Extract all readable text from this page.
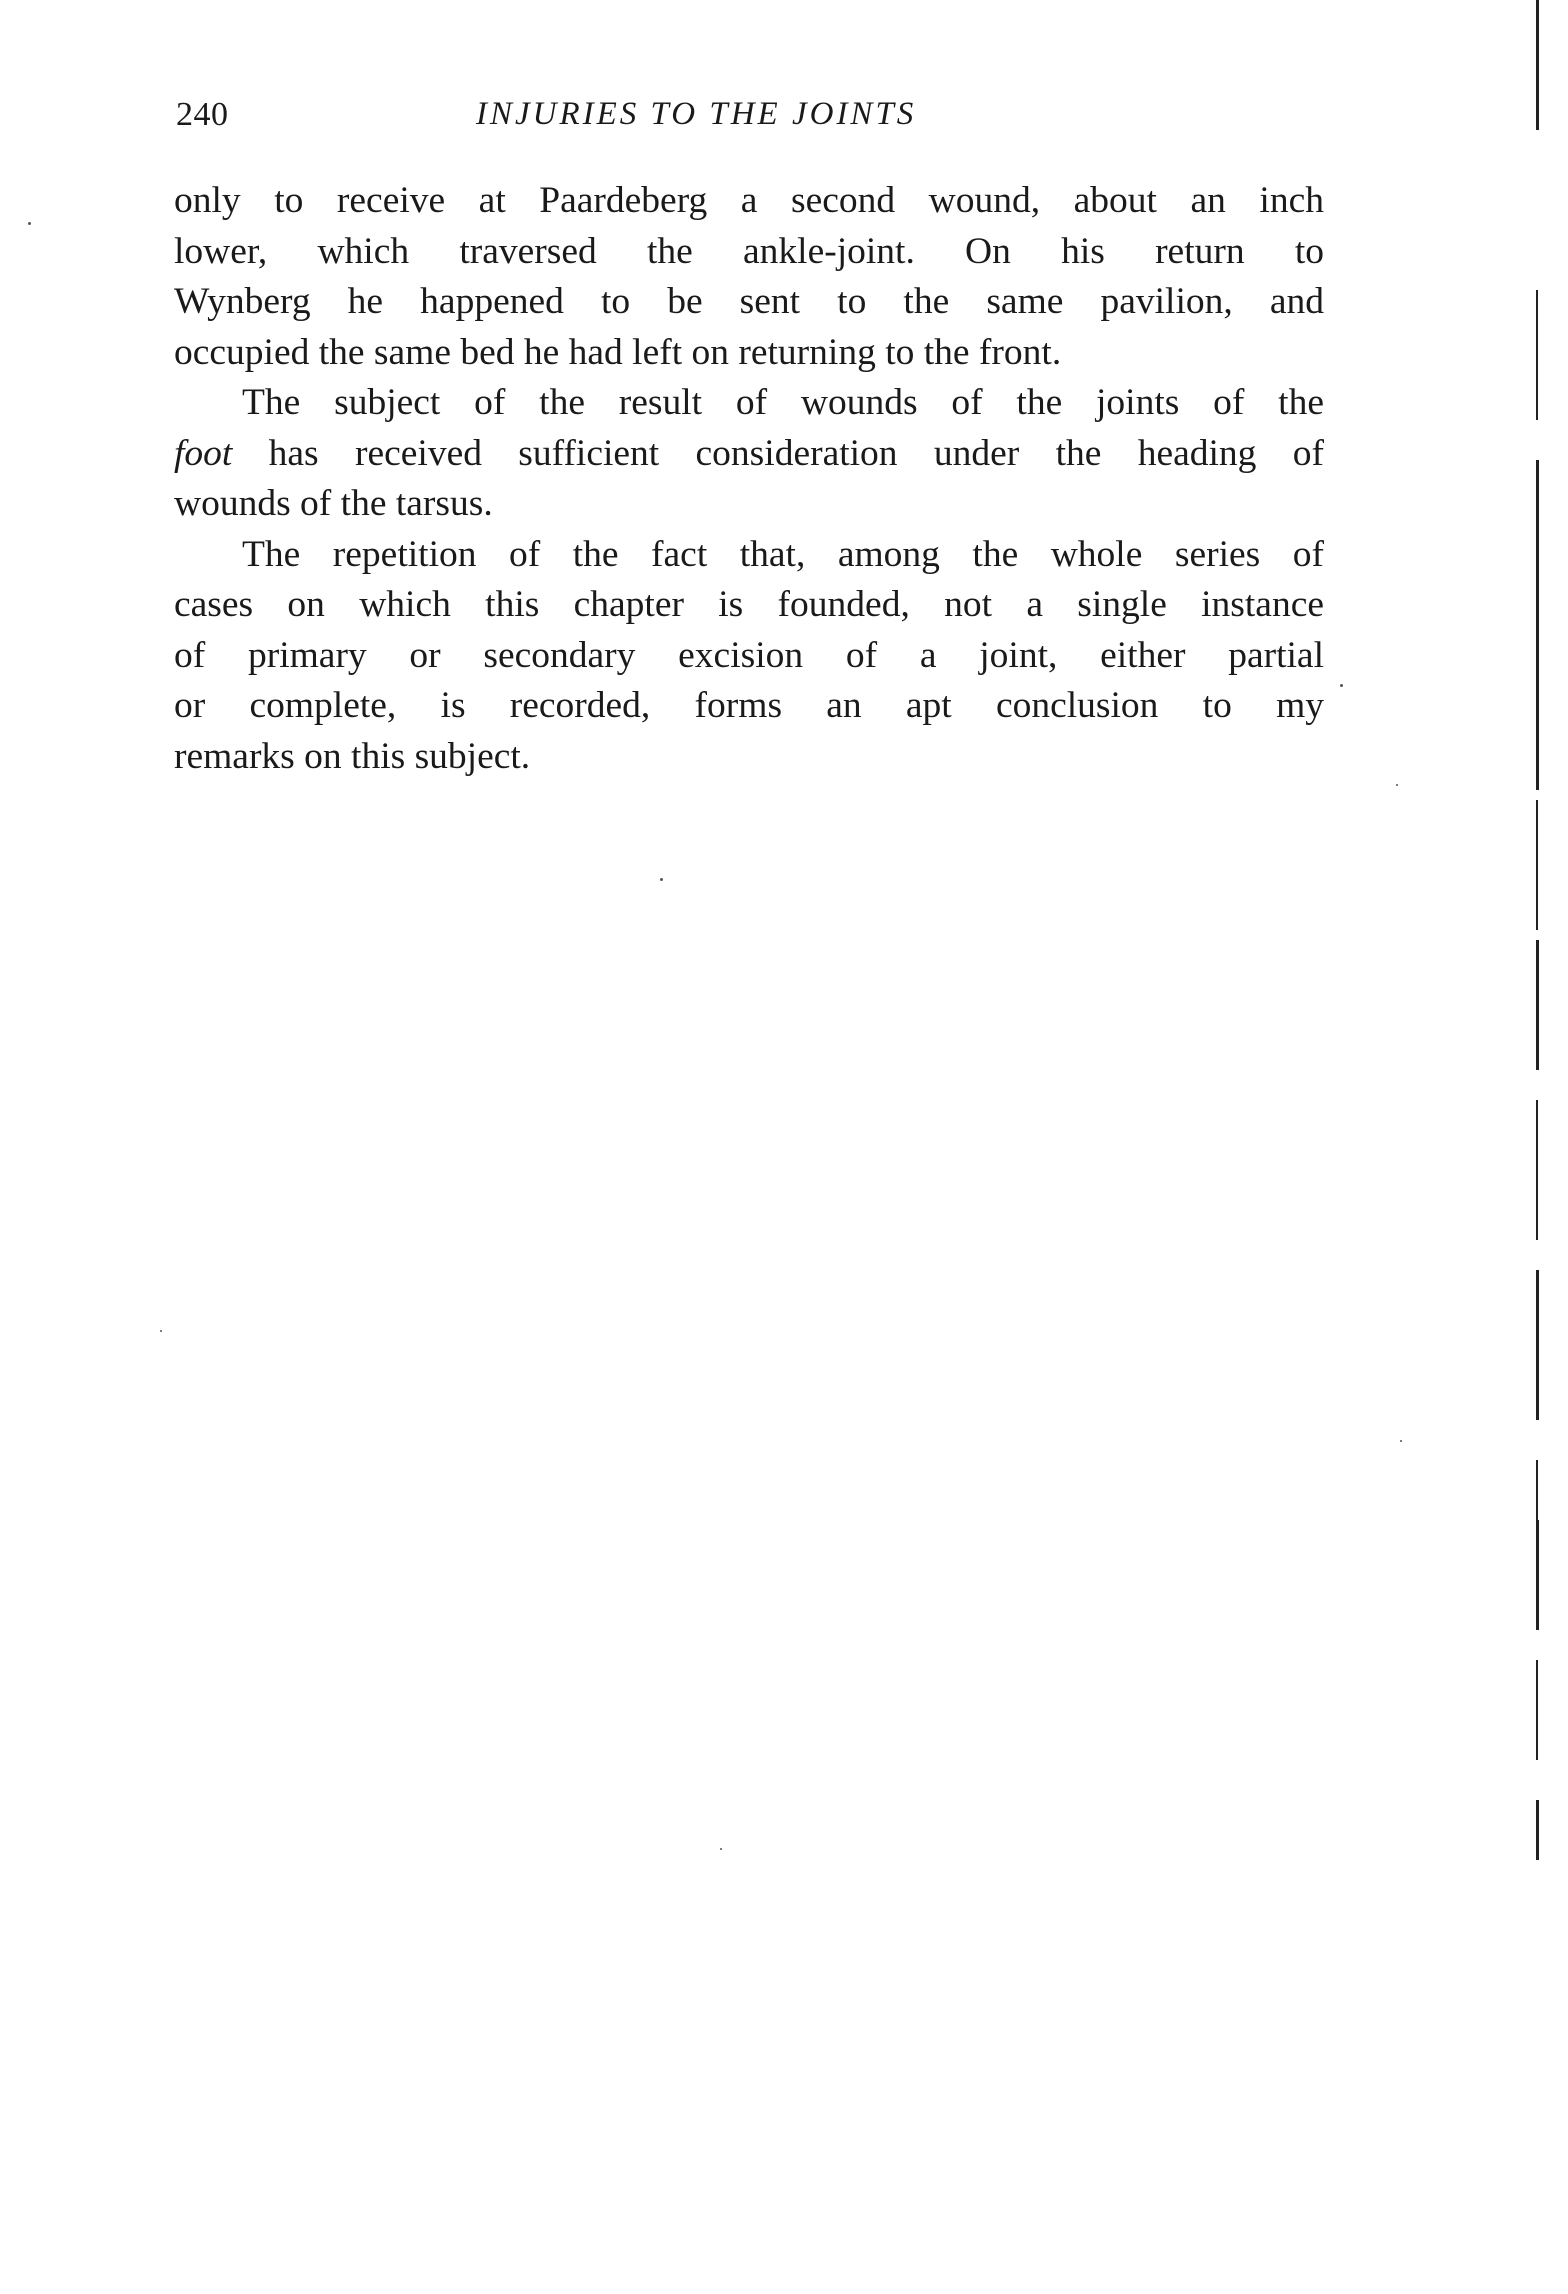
240	INJURIES TO THE JOINTS
only to receive at Paardeberg a second wound, about an inch
lower, which traversed the ankle-joint. On his return to
Wynberg he happened to be sent to the same pavilion, and
occupied the same bed he had left on returning to the front.
The subject of the result of wounds of the joints of the
foot has received sufficient consideration under the heading of
wounds of the tarsus.
The repetition of the fact that, among the whole series of
cases on which this chapter is founded, not a single instance
of primary or secondary excision of a joint, either partial
or complete, is recorded, forms an apt conclusion to my
remarks on this subject.
